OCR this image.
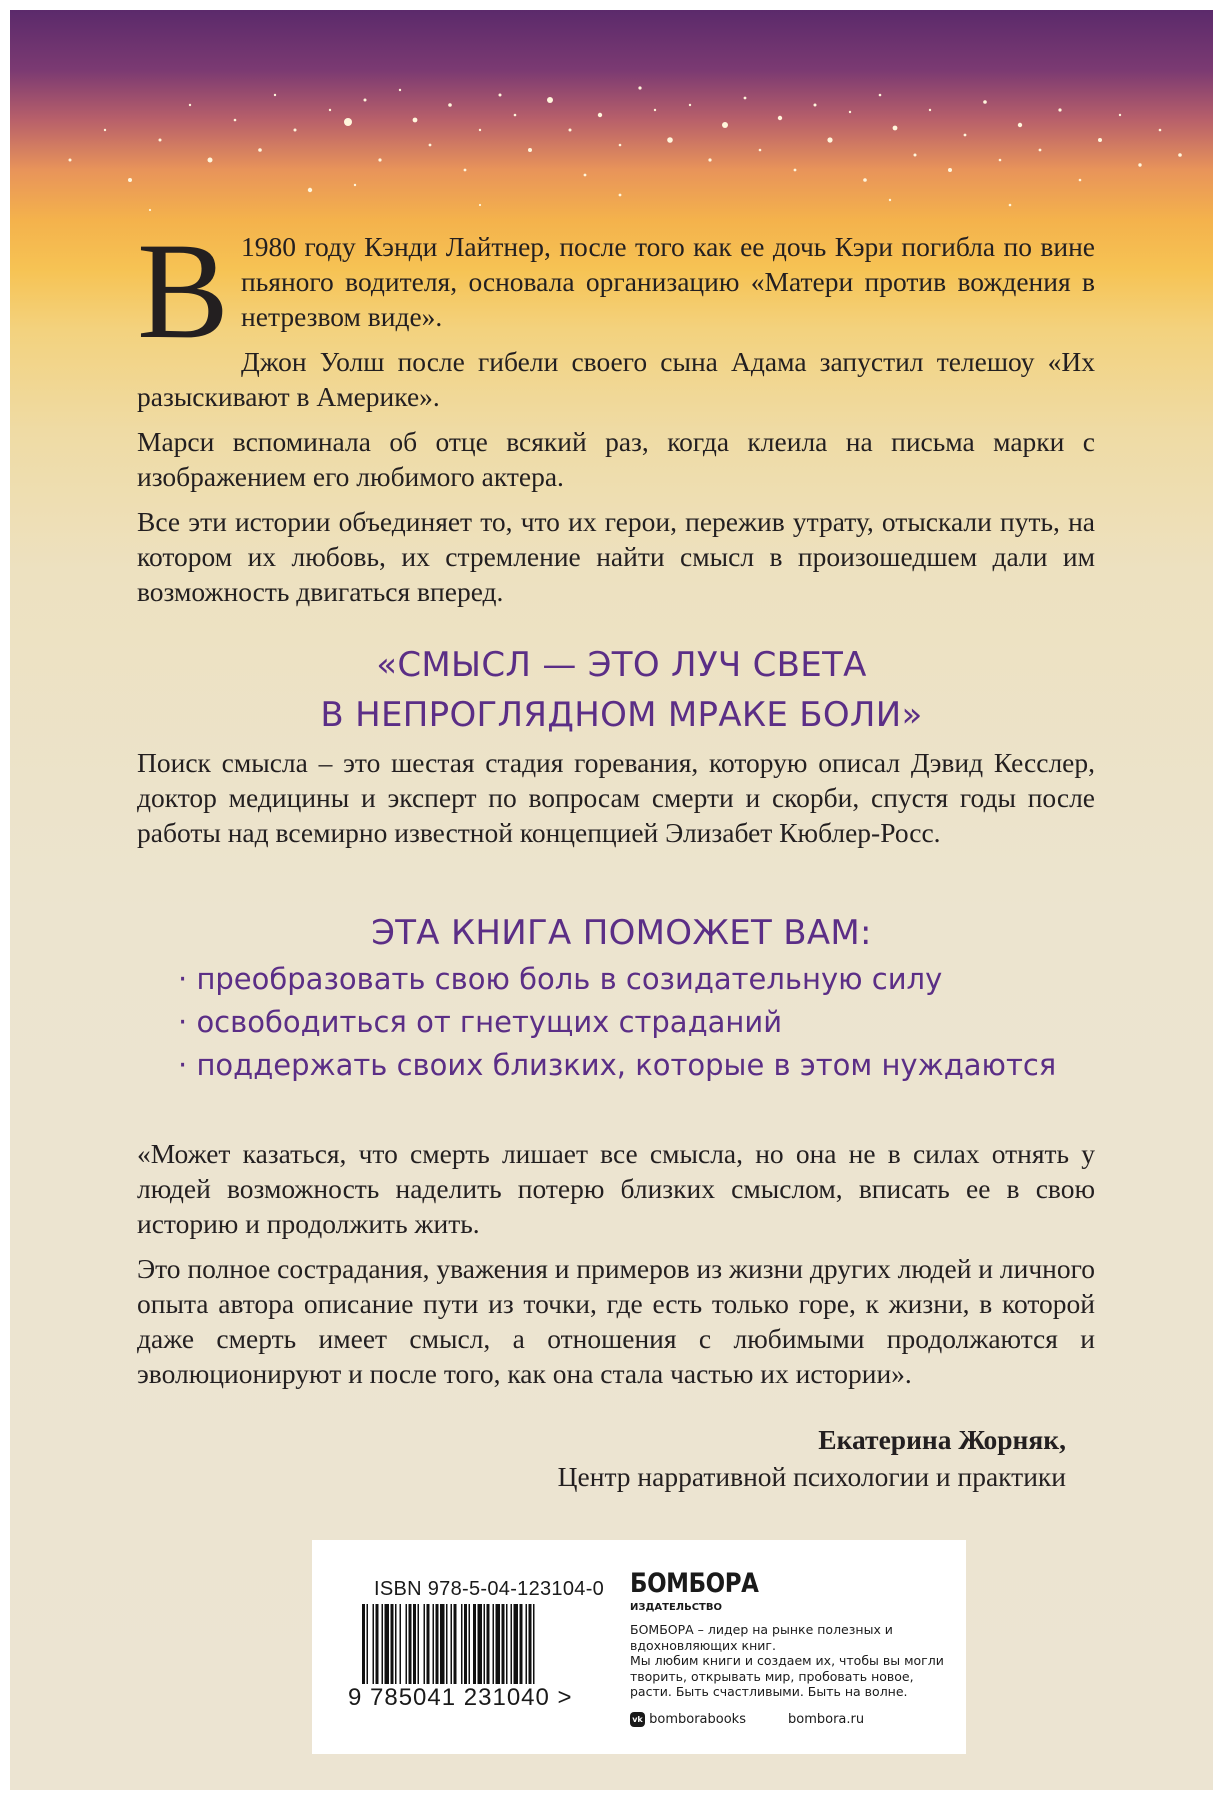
В 1980 году Кэнди Лайтнер, после того как ее дочь Кэри погибла по вине пьяного водителя, основала организацию «Матери против вождения в нетрезвом виде».

Джон Уолш после гибели своего сына Адама запустил телешоу «Их разыскивают в Америке».

Марси вспоминала об отце всякий раз, когда клеила на письма марки с изображением его любимого актера.

Все эти истории объединяет то, что их герои, пережив утрату, отыскали путь, на котором их любовь, их стремление найти смысл в произошедшем дали им возможность двигаться вперед.

«СМЫСЛ — ЭТО ЛУЧ СВЕТА
В НЕПРОГЛЯДНОМ МРАКЕ БОЛИ»

Поиск смысла – это шестая стадия горевания, которую описал Дэвид Кесслер, доктор медицины и эксперт по вопросам смерти и скорби, спустя годы после работы над всемирно известной концепцией Элизабет Кюблер-Росс.

ЭТА КНИГА ПОМОЖЕТ ВАМ:
· преобразовать свою боль в созидательную силу
· освободиться от гнетущих страданий
· поддержать своих близких, которые в этом нуждаются

«Может казаться, что смерть лишает все смысла, но она не в силах отнять у людей возможность наделить потерю близких смыслом, вписать ее в свою историю и продолжить жить.

Это полное сострадания, уважения и примеров из жизни других людей и личного опыта автора описание пути из точки, где есть только горе, к жизни, в которой даже смерть имеет смысл, а отношения с любимыми продолжаются и эволюционируют и после того, как она стала частью их истории».

Екатерина Жорняк,
Центр нарративной психологии и практики
ISBN 978-5-04-123104-0
9 785041 231040 >
БОМБОРА
ИЗДАТЕЛЬСТВО

БОМБОРА – лидер на рынке полезных и вдохновляющих книг.

Мы любим книги и создаем их, чтобы вы могли творить, открывать мир, пробовать новое, расти. Быть счастливыми. Быть на волне.

vk bomborabooks	bombora.ru
